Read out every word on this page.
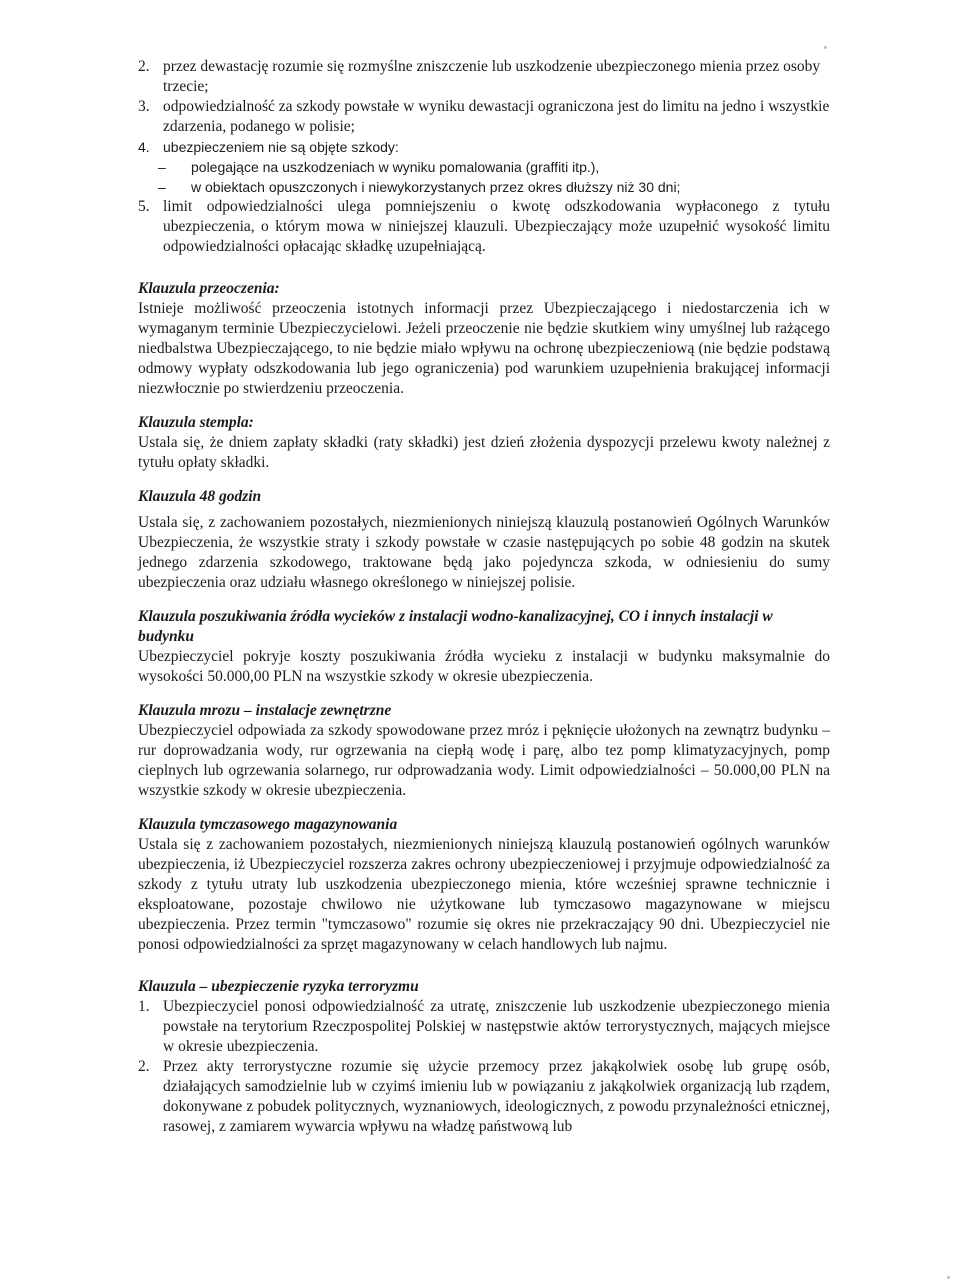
2. przez dewastację rozumie się rozmyślne zniszczenie lub uszkodzenie ubezpieczonego mienia przez osoby trzecie;

3. odpowiedzialność za szkody powstałe w wyniku dewastacji ograniczona jest do limitu na jedno i wszystkie zdarzenia, podanego w polisie;

4. ubezpieczeniem nie są objęte szkody:

– polegające na uszkodzeniach w wyniku pomalowania (graffiti itp.),

– w obiektach opuszczonych i niewykorzystanych przez okres dłuższy niż 30 dni;

5. limit odpowiedzialności ulega pomniejszeniu o kwotę odszkodowania wypłaconego z tytułu ubezpieczenia, o którym mowa w niniejszej klauzuli. Ubezpieczający może uzupełnić wysokość limitu odpowiedzialności opłacając składkę uzupełniającą.

Klauzula przeoczenia:

Istnieje możliwość przeoczenia istotnych informacji przez Ubezpieczającego i niedostarczenia ich w wymaganym terminie Ubezpieczycielowi. Jeżeli przeoczenie nie będzie skutkiem winy umyślnej lub rażącego niedbalstwa Ubezpieczającego, to nie będzie miało wpływu na ochronę ubezpieczeniową (nie będzie podstawą odmowy wypłaty odszkodowania lub jego ograniczenia) pod warunkiem uzupełnienia brakującej informacji niezwłocznie po stwierdzeniu przeoczenia.

Klauzula stempla:

Ustala się, że dniem zapłaty składki (raty składki) jest dzień złożenia dyspozycji przelewu kwoty należnej z tytułu opłaty składki.

Klauzula 48 godzin

Ustala się, z zachowaniem pozostałych, niezmienionych niniejszą klauzulą postanowień Ogólnych Warunków Ubezpieczenia, że wszystkie straty i szkody powstałe w czasie następujących po sobie 48 godzin na skutek jednego zdarzenia szkodowego, traktowane będą jako pojedyncza szkoda, w odniesieniu do sumy ubezpieczenia oraz udziału własnego określonego w niniejszej polisie.

Klauzula poszukiwania źródła wycieków z instalacji wodno-kanalizacyjnej, CO i innych instalacji w budynku

Ubezpieczyciel pokryje koszty poszukiwania źródła wycieku z instalacji w budynku maksymalnie do wysokości 50.000,00 PLN na wszystkie szkody w okresie ubezpieczenia.

Klauzula mrozu – instalacje zewnętrzne

Ubezpieczyciel odpowiada za szkody spowodowane przez mróz i pęknięcie ułożonych na zewnątrz budynku – rur doprowadzania wody, rur ogrzewania na ciepłą wodę i parę, albo tez pomp klimatyzacyjnych, pomp cieplnych lub ogrzewania solarnego, rur odprowadzania wody. Limit odpowiedzialności – 50.000,00 PLN na wszystkie szkody w okresie ubezpieczenia.

Klauzula tymczasowego magazynowania

Ustala się z zachowaniem pozostałych, niezmienionych niniejszą klauzulą postanowień ogólnych warunków ubezpieczenia, iż Ubezpieczyciel rozszerza zakres ochrony ubezpieczeniowej i przyjmuje odpowiedzialność za szkody z tytułu utraty lub uszkodzenia ubezpieczonego mienia, które wcześniej sprawne technicznie i eksploatowane, pozostaje chwilowo nie użytkowane lub tymczasowo magazynowane w miejscu ubezpieczenia. Przez termin "tymczasowo" rozumie się okres nie przekraczający 90 dni. Ubezpieczyciel nie ponosi odpowiedzialności za sprzęt magazynowany w celach handlowych lub najmu.

Klauzula – ubezpieczenie ryzyka terroryzmu

1. Ubezpieczyciel ponosi odpowiedzialność za utratę, zniszczenie lub uszkodzenie ubezpieczonego mienia powstałe na terytorium Rzeczpospolitej Polskiej w następstwie aktów terrorystycznych, mających miejsce w okresie ubezpieczenia.

2. Przez akty terrorystyczne rozumie się użycie przemocy przez jakąkolwiek osobę lub grupę osób, działających samodzielnie lub w czyimś imieniu lub w powiązaniu z jakąkolwiek organizacją lub rządem, dokonywane z pobudek politycznych, wyznaniowych, ideologicznych, z powodu przynależności etnicznej, rasowej, z zamiarem wywarcia wpływu na władzę państwową lub
